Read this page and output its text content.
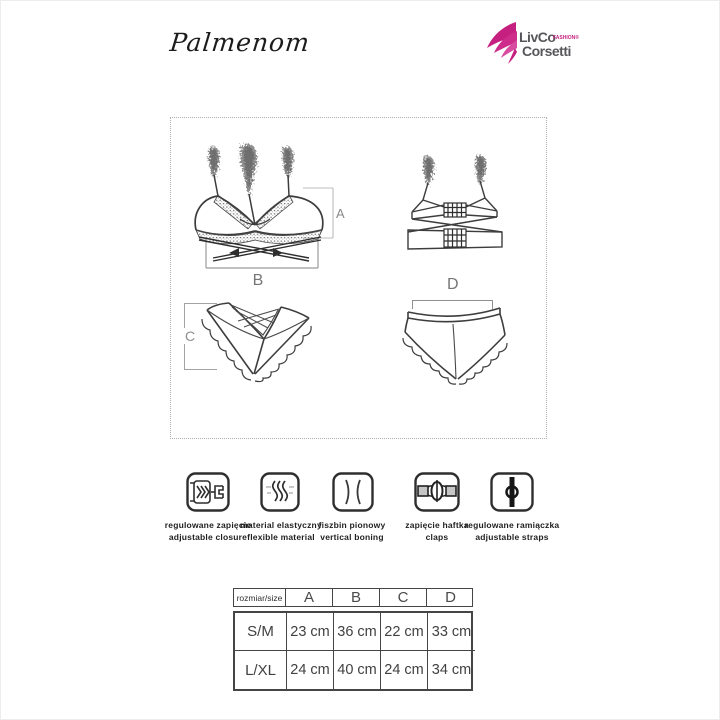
Palmenom	LivCo
FASHION®
Corsetti
A
B	D
C
regulowane zapięcie
adjustable closure
material elastyczny
flexible material
fiszbin pionowy
vertical boning
zapięcie haftka
claps
regulowane ramiączka
adjustable straps
rozmiar/size	A	B	C	D
S/M	23 cm 36 cm 22 cm 33 cm
L/XL 24 cm 40 cm 24 cm 34 cm
